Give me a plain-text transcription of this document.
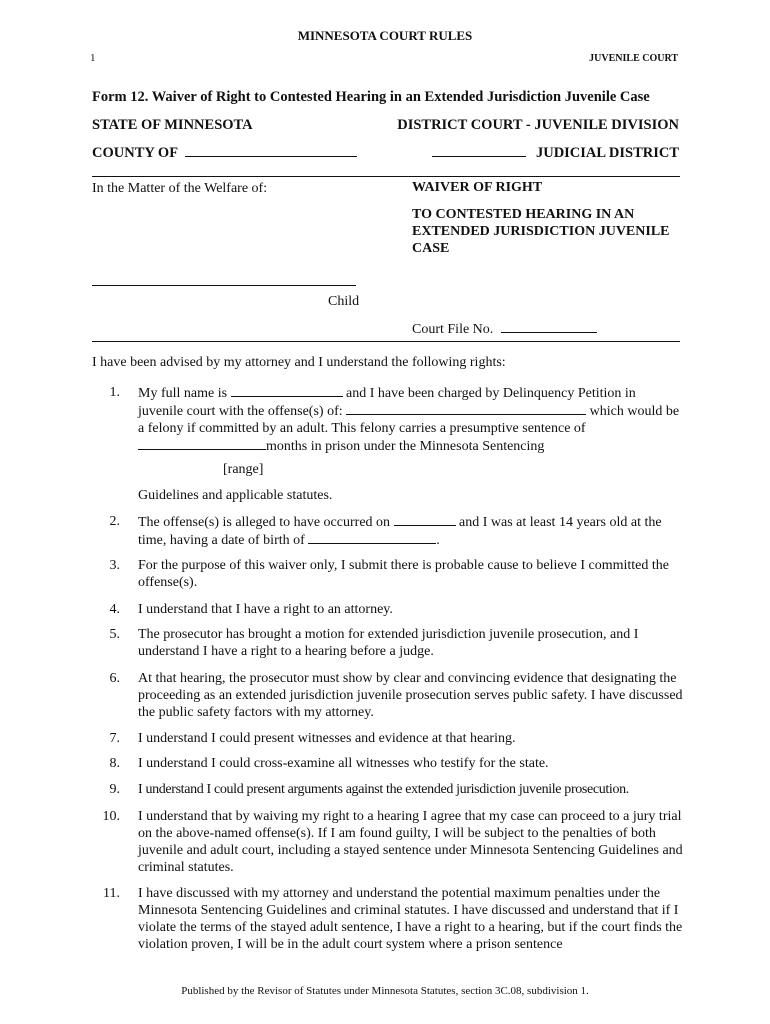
MINNESOTA COURT RULES
1	JUVENILE COURT
Form 12. Waiver of Right to Contested Hearing in an Extended Jurisdiction Juvenile Case
STATE OF MINNESOTA	DISTRICT COURT - JUVENILE DIVISION
COUNTY OF	JUDICIAL DISTRICT
In the Matter of the Welfare of:	WAIVER OF RIGHT
TO CONTESTED HEARING IN AN EXTENDED JURISDICTION JUVENILE CASE
Child
Court File No.
I have been advised by my attorney and I understand the following rights:
1. My full name is	and I have been charged by Delinquency Petition in juvenile court with the offense(s) of:	which would be a felony if committed by an adult. This felony carries a presumptive sentence of months in prison under the Minnesota Sentencing
[range]
Guidelines and applicable statutes.
2. The offense(s) is alleged to have occurred on	and I was at least 14 years old at the time, having a date of birth of	.
3. For the purpose of this waiver only, I submit there is probable cause to believe I committed the offense(s).
4. I understand that I have a right to an attorney.
5. The prosecutor has brought a motion for extended jurisdiction juvenile prosecution, and I understand I have a right to a hearing before a judge.
6. At that hearing, the prosecutor must show by clear and convincing evidence that designating the proceeding as an extended jurisdiction juvenile prosecution serves public safety. I have discussed the public safety factors with my attorney.
7. I understand I could present witnesses and evidence at that hearing.
8. I understand I could cross-examine all witnesses who testify for the state.
9. I understand I could present arguments against the extended jurisdiction juvenile prosecution.
10. I understand that by waiving my right to a hearing I agree that my case can proceed to a jury trial on the above-named offense(s). If I am found guilty, I will be subject to the penalties of both juvenile and adult court, including a stayed sentence under Minnesota Sentencing Guidelines and criminal statutes.
11. I have discussed with my attorney and understand the potential maximum penalties under the Minnesota Sentencing Guidelines and criminal statutes. I have discussed and understand that if I violate the terms of the stayed adult sentence, I have a right to a hearing, but if the court finds the violation proven, I will be in the adult court system where a prison sentence
Published by the Revisor of Statutes under Minnesota Statutes, section 3C.08, subdivision 1.
